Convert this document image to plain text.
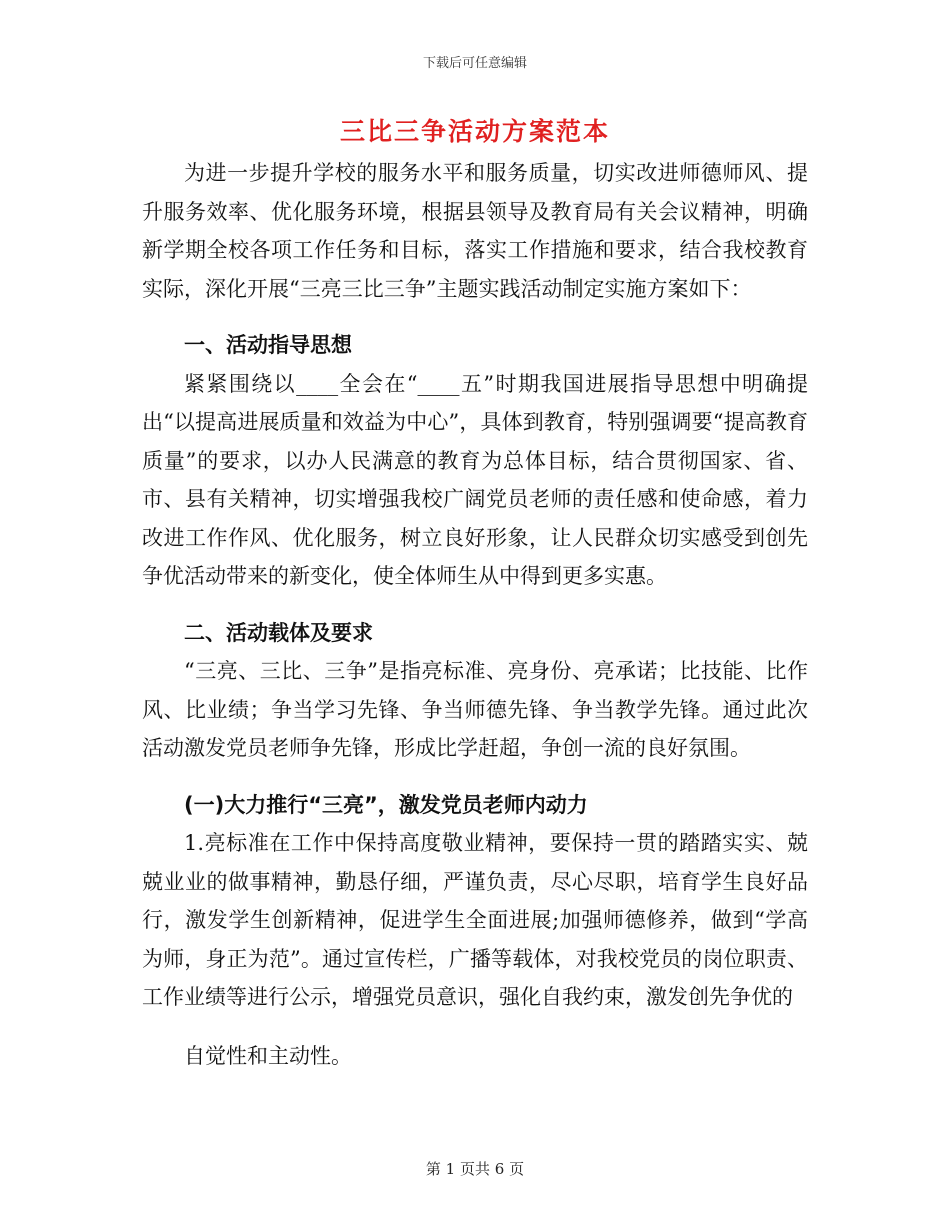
下载后可任意编辑
三比三争活动方案范本

为进一步提升学校的服务水平和服务质量，切实改进师德师风、提升服务效率、优化服务环境，根据县领导及教育局有关会议精神，明确新学期全校各项工作任务和目标，落实工作措施和要求，结合我校教育实际，深化开展“三亮三比三争”主题实践活动制定实施方案如下：

一、活动指导思想

紧紧围绕以____全会在“____五”时期我国进展指导思想中明确提出“以提高进展质量和效益为中心”，具体到教育，特别强调要“提高教育质量”的要求，以办人民满意的教育为总体目标，结合贯彻国家、省、市、县有关精神，切实增强我校广阔党员老师的责任感和使命感，着力改进工作作风、优化服务，树立良好形象，让人民群众切实感受到创先争优活动带来的新变化，使全体师生从中得到更多实惠。

二、活动载体及要求

“三亮、三比、三争”是指亮标准、亮身份、亮承诺；比技能、比作风、比业绩；争当学习先锋、争当师德先锋、争当教学先锋。通过此次活动激发党员老师争先锋，形成比学赶超，争创一流的良好氛围。

(一)大力推行“三亮”，激发党员老师内动力

1.亮标准在工作中保持高度敬业精神，要保持一贯的踏踏实实、兢兢业业的做事精神，勤恳仔细，严谨负责，尽心尽职，培育学生良好品行，激发学生创新精神，促进学生全面进展;加强师德修养，做到“学高为师，身正为范”。通过宣传栏，广播等载体，对我校党员的岗位职责、工作业绩等进行公示，增强党员意识，强化自我约束，激发创先争优的

自觉性和主动性。

第 1 页共 6 页
